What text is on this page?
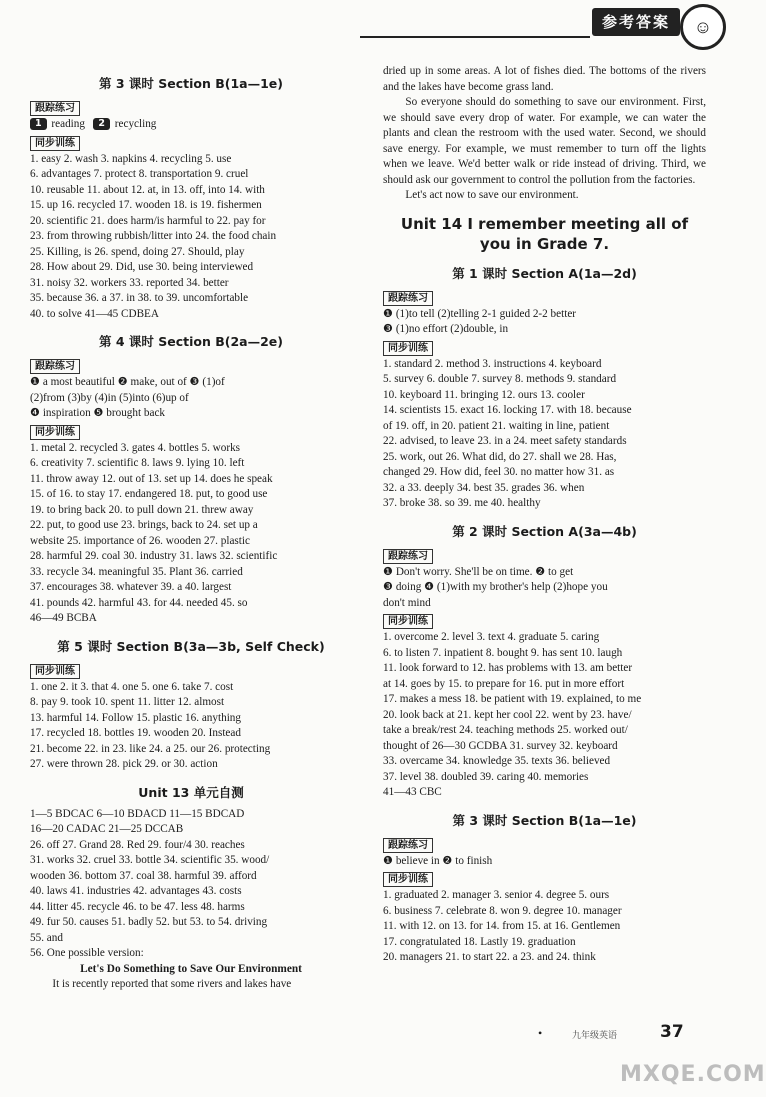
参考答案	☺
第 3 课时 Section B(1a—1e)
跟踪练习
1 reading 2 recycling
同步训练
1. easy 2. wash 3. napkins 4. recycling 5. use
6. advantages 7. protect 8. transportation 9. cruel
10. reusable 11. about 12. at, in 13. off, into 14. with
15. up 16. recycled 17. wooden 18. is 19. fishermen
20. scientific 21. does harm/is harmful to 22. pay for
23. from throwing rubbish/litter into 24. the food chain
25. Killing, is 26. spend, doing 27. Should, play
28. How about 29. Did, use 30. being interviewed
31. noisy 32. workers 33. reported 34. better
35. because 36. a 37. in 38. to 39. uncomfortable
40. to solve 41—45 CDBEA
第 4 课时 Section B(2a—2e)
跟踪练习
❶ a most beautiful ❷ make, out of ❸ (1)of
(2)from (3)by (4)in (5)into (6)up of
❹ inspiration ❺ brought back
同步训练
1. metal 2. recycled 3. gates 4. bottles 5. works
6. creativity 7. scientific 8. laws 9. lying 10. left
11. throw away 12. out of 13. set up 14. does he speak
15. of 16. to stay 17. endangered 18. put, to good use
19. to bring back 20. to pull down 21. threw away
22. put, to good use 23. brings, back to 24. set up a
website 25. importance of 26. wooden 27. plastic
28. harmful 29. coal 30. industry 31. laws 32. scientific
33. recycle 34. meaningful 35. Plant 36. carried
37. encourages 38. whatever 39. a 40. largest
41. pounds 42. harmful 43. for 44. needed 45. so
46—49 BCBA
第 5 课时 Section B(3a—3b, Self Check)
同步训练
1. one 2. it 3. that 4. one 5. one 6. take 7. cost
8. pay 9. took 10. spent 11. litter 12. almost
13. harmful 14. Follow 15. plastic 16. anything
17. recycled 18. bottles 19. wooden 20. Instead
21. become 22. in 23. like 24. a 25. our 26. protecting
27. were thrown 28. pick 29. or 30. action
Unit 13 单元自测
1—5 BDCAC 6—10 BDACD 11—15 BDCAD
16—20 CADAC 21—25 DCCAB
26. off 27. Grand 28. Red 29. four/4 30. reaches
31. works 32. cruel 33. bottle 34. scientific 35. wood/
wooden 36. bottom 37. coal 38. harmful 39. afford
40. laws 41. industries 42. advantages 43. costs
44. litter 45. recycle 46. to be 47. less 48. harms
49. fur 50. causes 51. badly 52. but 53. to 54. driving
55. and
56. One possible version:
Let's Do Something to Save Our Environment
It is recently reported that some rivers and lakes have
dried up in some areas. A lot of fishes died. The bottoms of the rivers and the lakes have become grass land.
So everyone should do something to save our environment. First, we should save every drop of water. For example, we can water the plants and clean the restroom with the used water. Second, we should save energy. For example, we must remember to turn off the lights when we leave. We'd better walk or ride instead of driving. Third, we should ask our government to control the pollution from the factories.
Let's act now to save our environment.
Unit 14 I remember meeting all of
you in Grade 7.
第 1 课时 Section A(1a—2d)
跟踪练习
❶ (1)to tell (2)telling 2-1 guided 2-2 better
❸ (1)no effort (2)double, in
同步训练
1. standard 2. method 3. instructions 4. keyboard
5. survey 6. double 7. survey 8. methods 9. standard
10. keyboard 11. bringing 12. ours 13. cooler
14. scientists 15. exact 16. locking 17. with 18. because
of 19. off, in 20. patient 21. waiting in line, patient
22. advised, to leave 23. in a 24. meet safety standards
25. work, out 26. What did, do 27. shall we 28. Has,
changed 29. How did, feel 30. no matter how 31. as
32. a 33. deeply 34. best 35. grades 36. when
37. broke 38. so 39. me 40. healthy
第 2 课时 Section A(3a—4b)
跟踪练习
❶ Don't worry. She'll be on time. ❷ to get
❸ doing ❹ (1)with my brother's help (2)hope you
don't mind
同步训练
1. overcome 2. level 3. text 4. graduate 5. caring
6. to listen 7. inpatient 8. bought 9. has sent 10. laugh
11. look forward to 12. has problems with 13. am better
at 14. goes by 15. to prepare for 16. put in more effort
17. makes a mess 18. be patient with 19. explained, to me
20. look back at 21. kept her cool 22. went by 23. have/
take a break/rest 24. teaching methods 25. worked out/
thought of 26—30 GCDBA 31. survey 32. keyboard
33. overcame 34. knowledge 35. texts 36. believed
37. level 38. doubled 39. caring 40. memories
41—43 CBC
第 3 课时 Section B(1a—1e)
跟踪练习
❶ believe in ❷ to finish
同步训练
1. graduated 2. manager 3. senior 4. degree 5. ours
6. business 7. celebrate 8. won 9. degree 10. manager
11. with 12. on 13. for 14. from 15. at 16. Gentlemen
17. congratulated 18. Lastly 19. graduation
20. managers 21. to start 22. a 23. and 24. think
•	九年级英语	37
MXQE.COM
